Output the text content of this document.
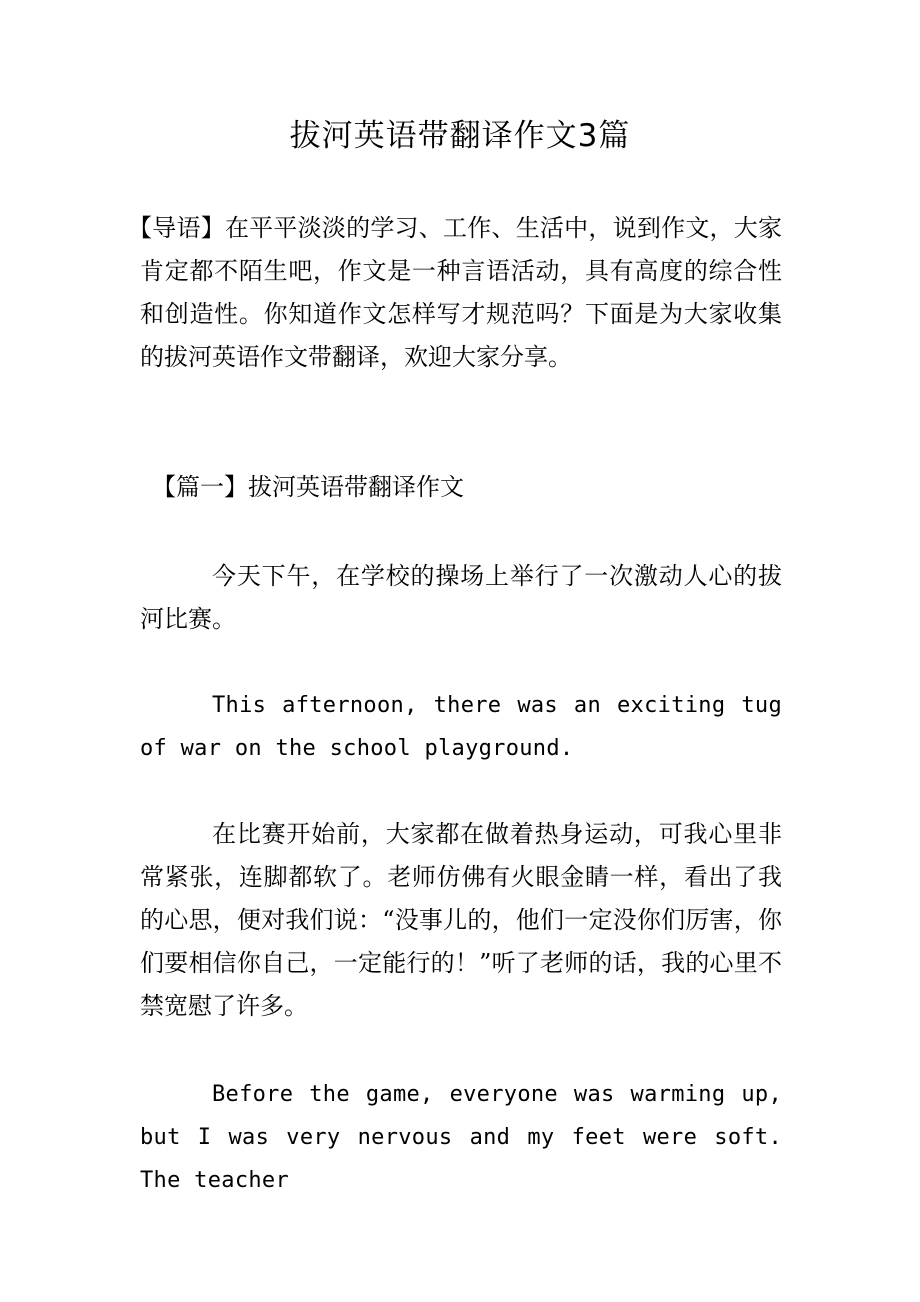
拔河英语带翻译作文3篇

【导语】在平平淡淡的学习、工作、生活中，说到作文，大家肯定都不陌生吧，作文是一种言语活动，具有高度的综合性和创造性。你知道作文怎样写才规范吗？下面是为大家收集的拔河英语作文带翻译，欢迎大家分享。

【篇一】拔河英语带翻译作文

今天下午，在学校的操场上举行了一次激动人心的拔河比赛。

This afternoon, there was an exciting tug of war on the school playground.

在比赛开始前，大家都在做着热身运动，可我心里非常紧张，连脚都软了。老师仿佛有火眼金睛一样，看出了我的心思，便对我们说：“没事儿的，他们一定没你们厉害，你们要相信你自己，一定能行的！”听了老师的话，我的心里不禁宽慰了许多。

Before the game, everyone was warming up, but I was very nervous and my feet were soft. The teacher
